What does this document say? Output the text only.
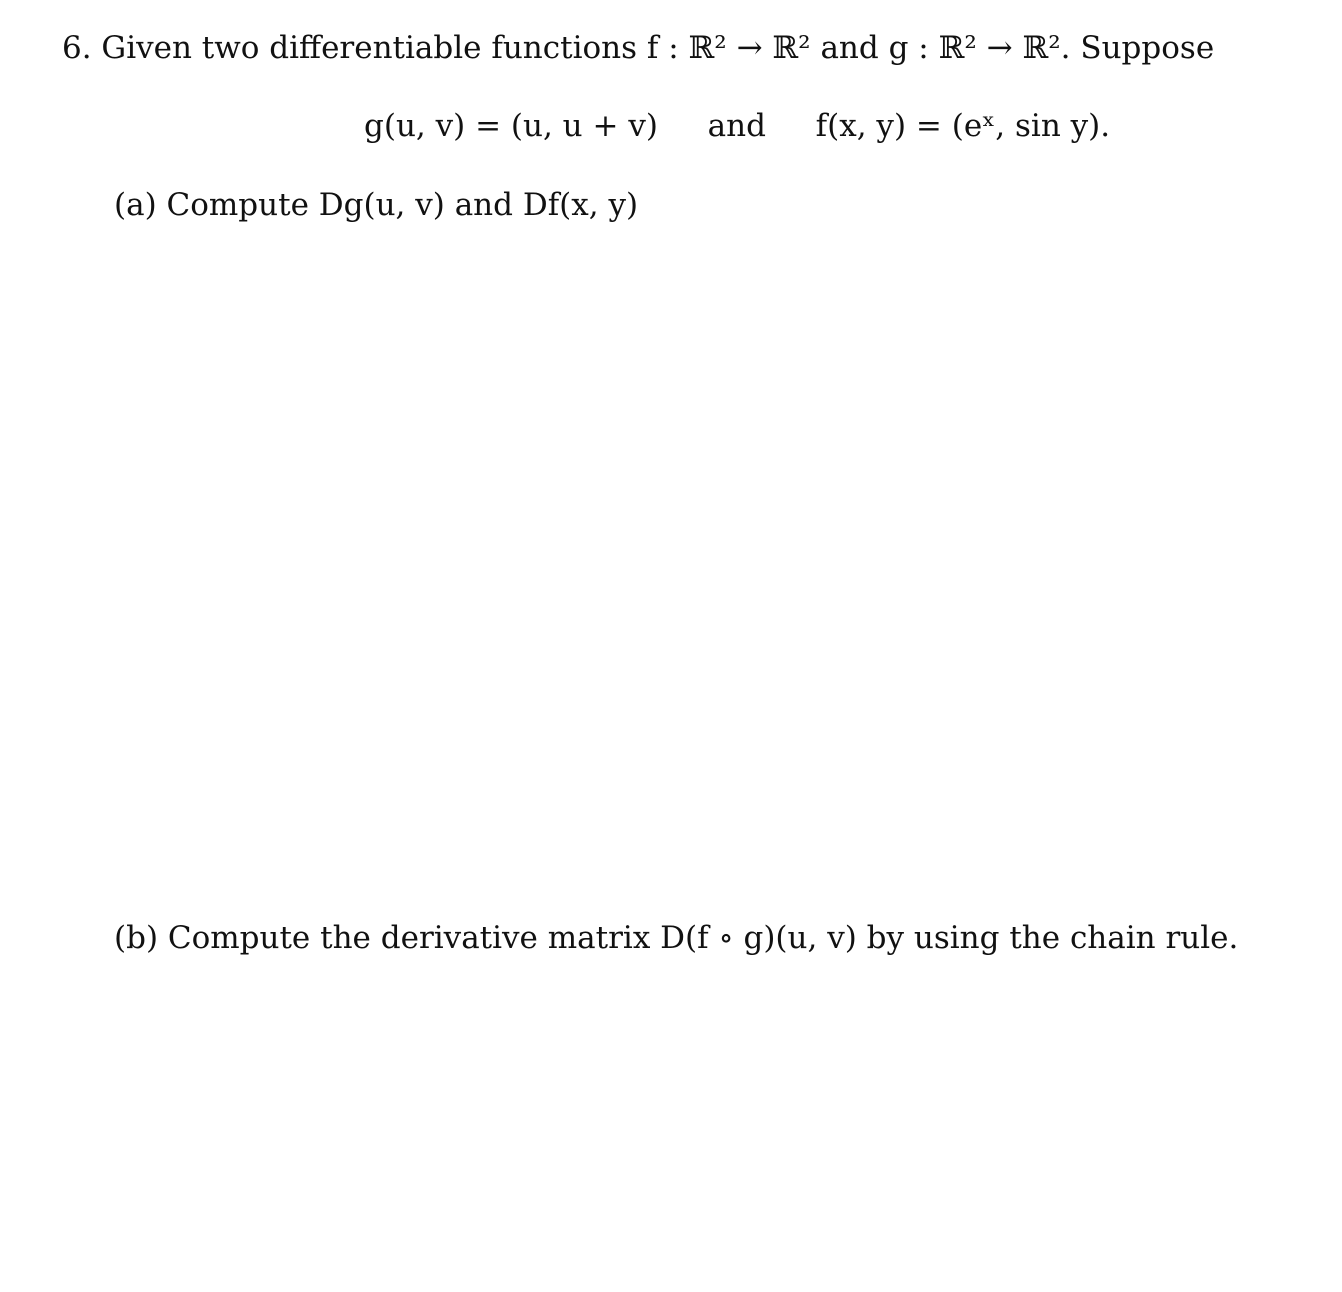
6. Given two differentiable functions f : ℝ² → ℝ² and g : ℝ² → ℝ². Suppose
g(u, v) = (u, u + v) and f(x, y) = (eˣ, sin y).
(a) Compute Dg(u, v) and Df(x, y)
(b) Compute the derivative matrix D(f ∘ g)(u, v) by using the chain rule.
